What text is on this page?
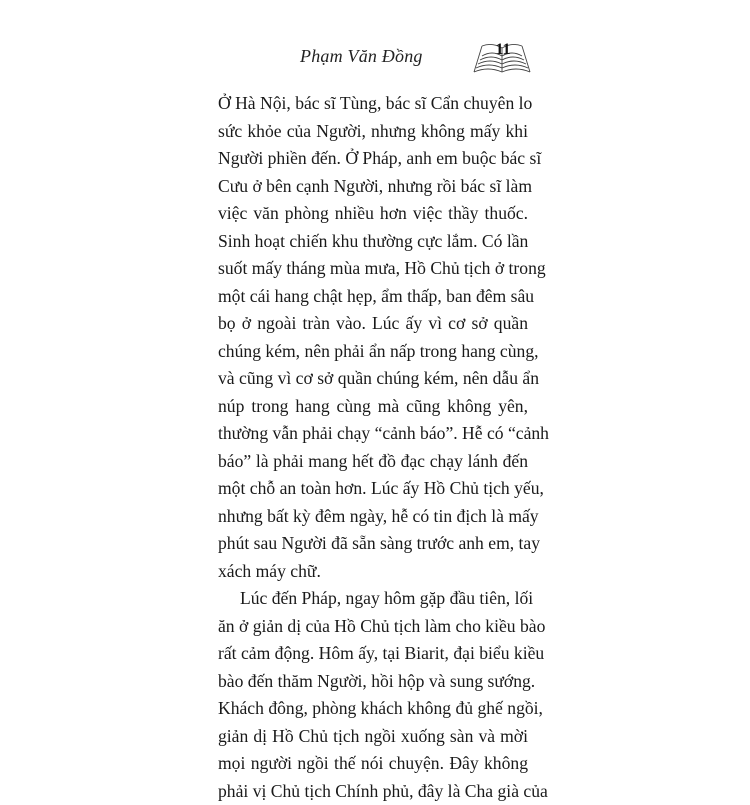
Phạm Văn Đồng	11
Ở Hà Nội, bác sĩ Tùng, bác sĩ Cẩn chuyên lo
sức khỏe của Người, nhưng không mấy khi
Người phiền đến. Ở Pháp, anh em buộc bác sĩ
Cưu ở bên cạnh Người, nhưng rồi bác sĩ làm
việc văn phòng nhiều hơn việc thầy thuốc.
Sinh hoạt chiến khu thường cực lắm. Có lần
suốt mấy tháng mùa mưa, Hồ Chủ tịch ở trong
một cái hang chật hẹp, ẩm thấp, ban đêm sâu
bọ ở ngoài tràn vào. Lúc ấy vì cơ sở quần
chúng kém, nên phải ẩn nấp trong hang cùng,
và cũng vì cơ sở quần chúng kém, nên dẫu ẩn
núp trong hang cùng mà cũng không yên,
thường vẫn phải chạy “cảnh báo”. Hễ có “cảnh
báo” là phải mang hết đồ đạc chạy lánh đến
một chỗ an toàn hơn. Lúc ấy Hồ Chủ tịch yếu,
nhưng bất kỳ đêm ngày, hễ có tin địch là mấy
phút sau Người đã sẵn sàng trước anh em, tay
xách máy chữ.
Lúc đến Pháp, ngay hôm gặp đầu tiên, lối
ăn ở giản dị của Hồ Chủ tịch làm cho kiều bào
rất cảm động. Hôm ấy, tại Biarit, đại biểu kiều
bào đến thăm Người, hồi hộp và sung sướng.
Khách đông, phòng khách không đủ ghế ngồi,
giản dị Hồ Chủ tịch ngồi xuống sàn và mời
mọi người ngồi thế nói chuyện. Đây không
phải vị Chủ tịch Chính phủ, đây là Cha già của
